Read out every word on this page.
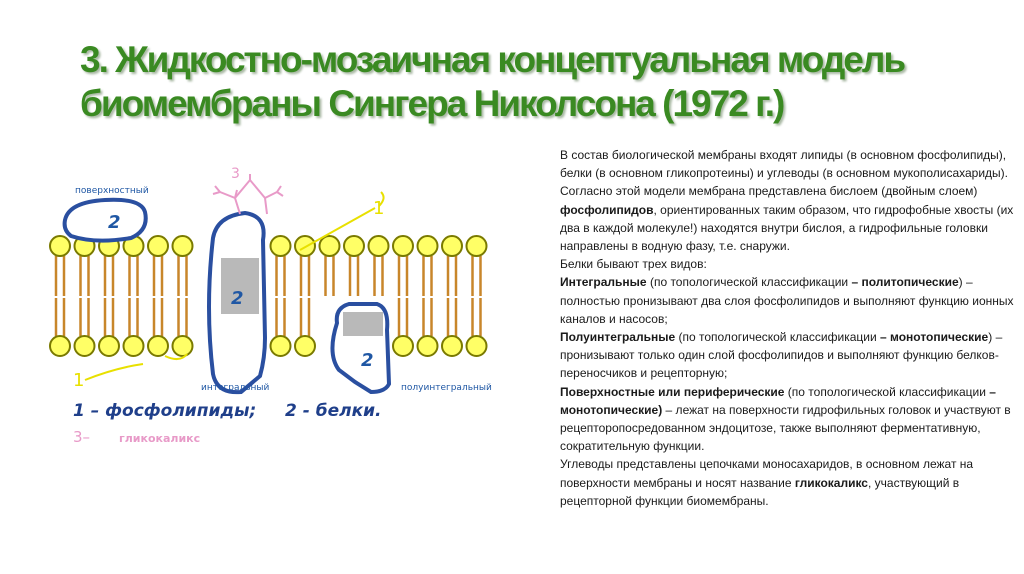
3. Жидкостно-мозаичная концептуальная модель
биомембраны Сингера Николсона (1972 г.)
2
2
2
3
1
1
поверхностный
интегральный	полуинтегральный
1 – фосфолипиды; 2 - белки.
3–	гликокаликс

В состав биологической мембраны входят липиды (в основном фосфолипиды), белки (в основном гликопротеины) и углеводы (в основном мукополисахариды).

Согласно этой модели мембрана представлена бислоем (двойным слоем) фосфолипидов, ориентированных таким образом, что гидрофобные хвосты (их два в каждой молекуле!) находятся внутри бислоя, а гидрофильные головки направлены в водную фазу, т.е. снаружи.

Белки бывают трех видов:

Интегральные (по топологической классификации – политопические) – полностью пронизывают два слоя фосфолипидов и выполняют функцию ионных каналов и насосов;

Полуинтегральные (по топологической классификации – монотопические) – пронизывают только один слой фосфолипидов и выполняют функцию белков-переносчиков и рецепторную;

Поверхностные или периферические (по топологической классификации –монотопические) – лежат на поверхности гидрофильных головок и участвуют в рецепторопосредованном эндоцитозе, также выполняют ферментативную, сократительную функции.

Углеводы представлены цепочками моносахаридов, в основном лежат на поверхности мембраны и носят название гликокаликс, участвующий в рецепторной функции биомембраны.
